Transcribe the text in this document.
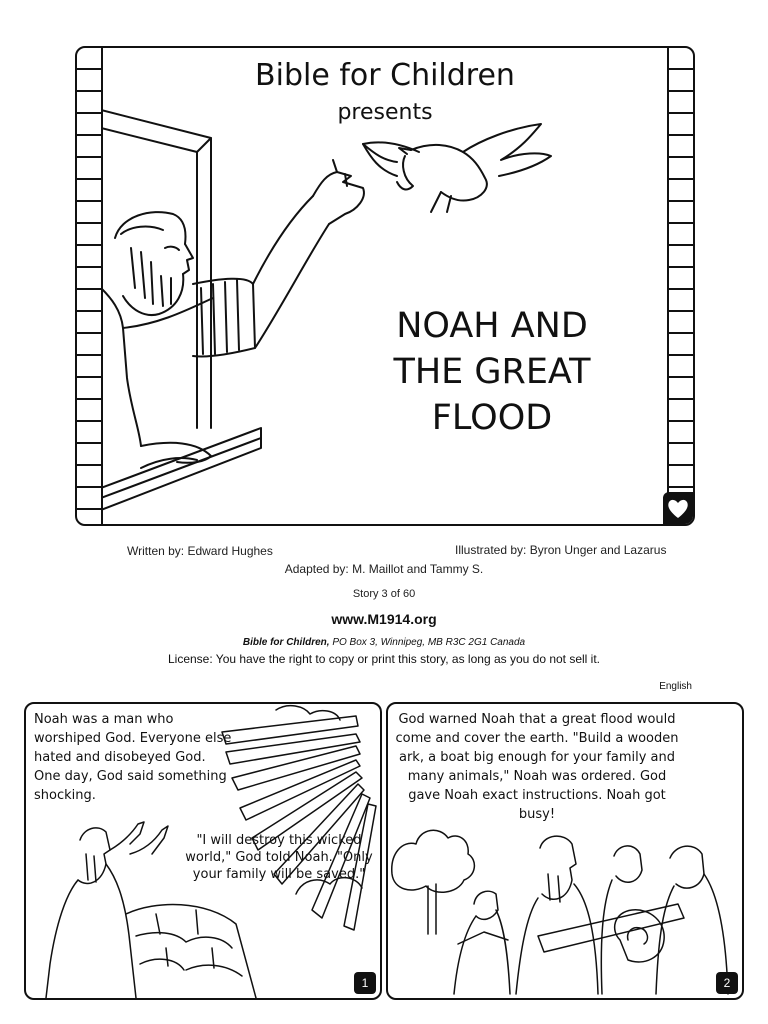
Bible for Children
presents
NOAH AND
THE GREAT
FLOOD
Written by: Edward Hughes	Illustrated by: Byron Unger and Lazarus
Adapted by: M. Maillot and Tammy S.
Story 3 of 60
www.M1914.org
Bible for Children, PO Box 3, Winnipeg, MB R3C 2G1 Canada
License: You have the right to copy or print this story, as long as you do not sell it.
English
Noah was a man who worshiped God. Everyone else hated and disobeyed God. One day, God said something shocking.
"I will destroy this wicked world," God told Noah. "Only your family will be saved."
1
God warned Noah that a great flood would come and cover the earth. "Build a wooden ark, a boat big enough for your family and many animals," Noah was ordered. God gave Noah exact instructions. Noah got busy!
2
